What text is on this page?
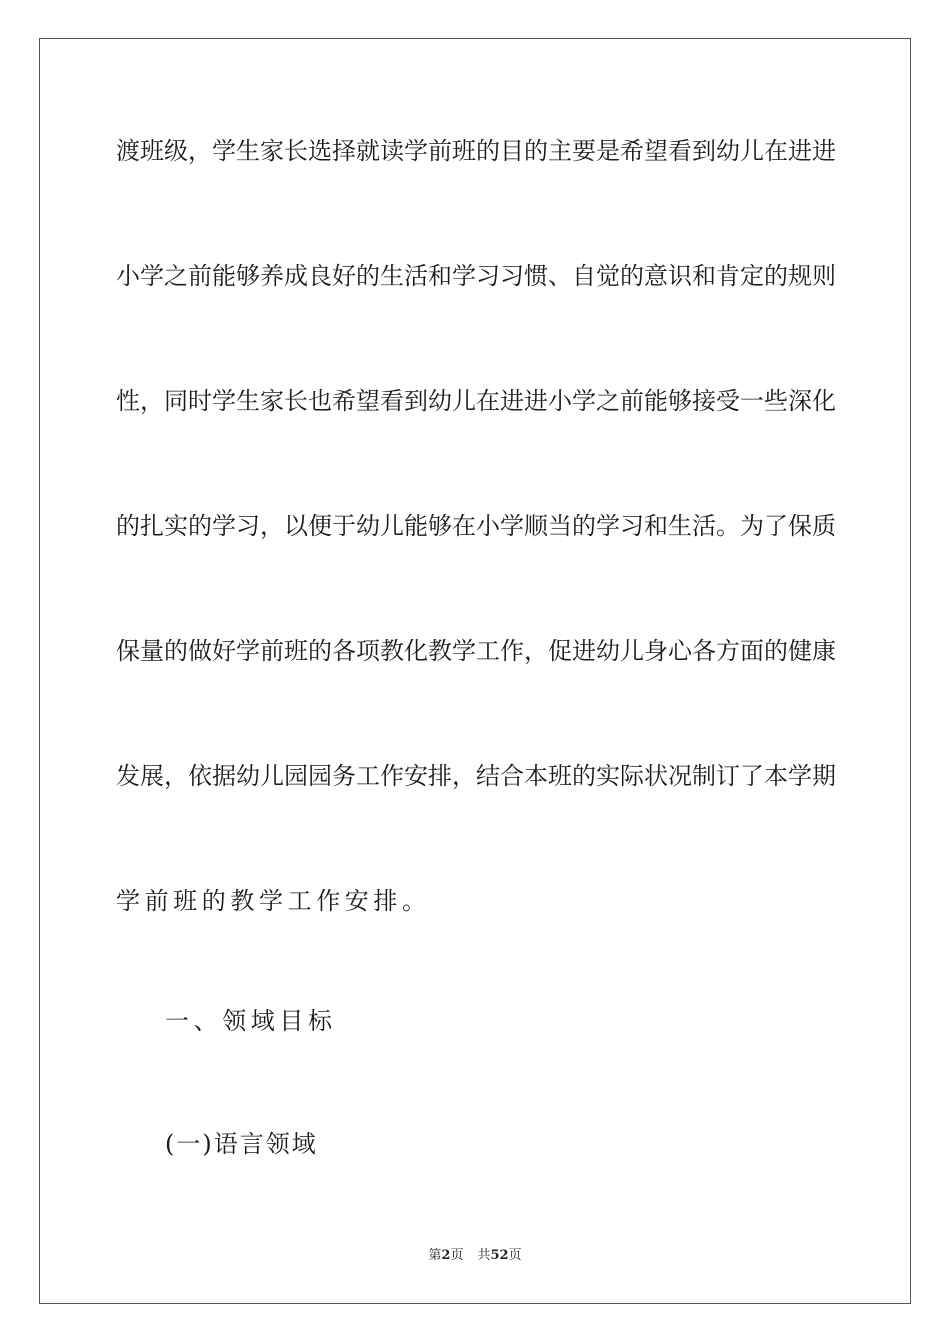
渡班级，学生家长选择就读学前班的目的主要是希望看到幼儿在进进
小学之前能够养成良好的生活和学习习惯、自觉的意识和肯定的规则
性，同时学生家长也希望看到幼儿在进进小学之前能够接受一些深化
的扎实的学习，以便于幼儿能够在小学顺当的学习和生活。为了保质
保量的做好学前班的各项教化教学工作，促进幼儿身心各方面的健康
发展，依据幼儿园园务工作安排，结合本班的实际状况制订了本学期
学前班的教学工作安排。
一、领域目标
(一)语言领域
第2页 共52页
